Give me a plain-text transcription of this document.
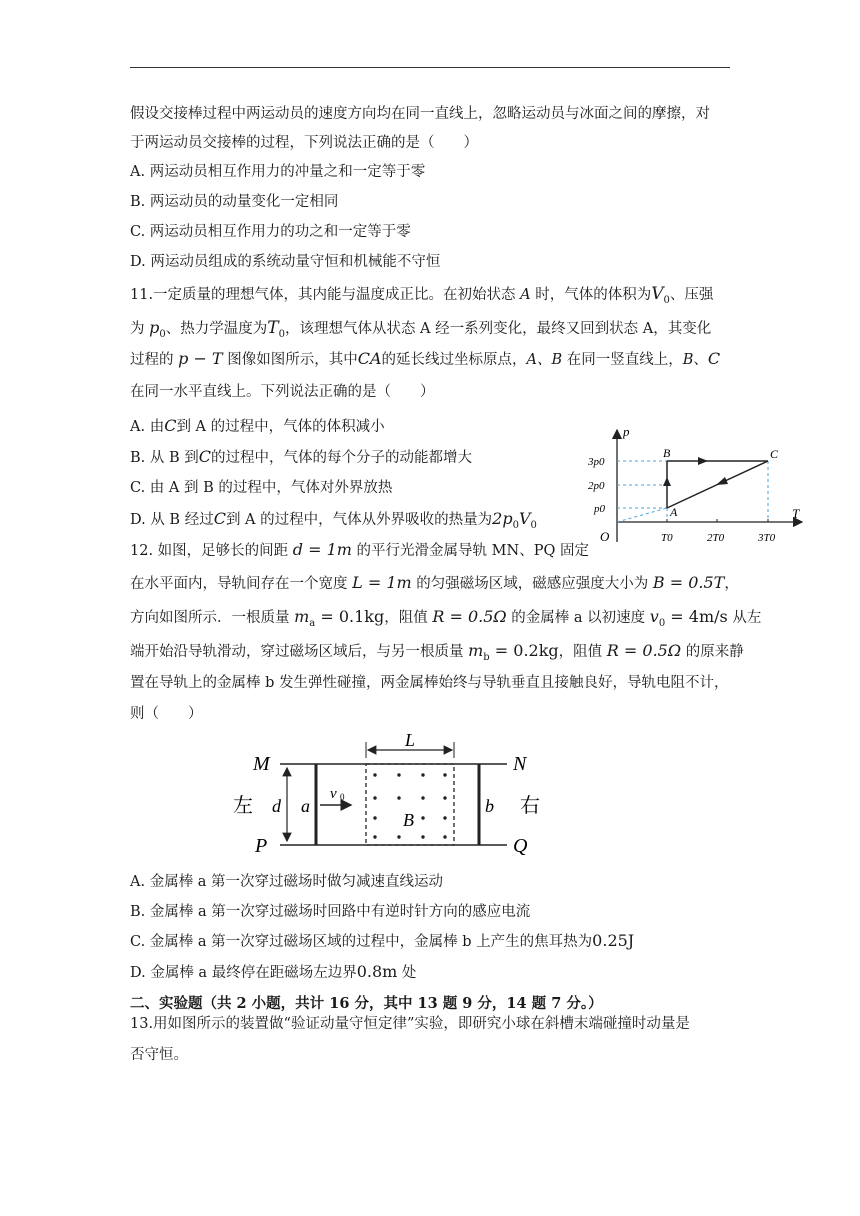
假设交接棒过程中两运动员的速度方向均在同一直线上，忽略运动员与冰面之间的摩擦，对
于两运动员交接棒的过程，下列说法正确的是（　　）
A. 两运动员相互作用力的冲量之和一定等于零
B. 两运动员的动量变化一定相同
C. 两运动员相互作用力的功之和一定等于零
D. 两运动员组成的系统动量守恒和机械能不守恒
11.一定质量的理想气体，其内能与温度成正比。在初始状态 A 时，气体的体积为$V_0$、压强
为 $p_0$、热力学温度为$T_0$，该理想气体从状态 A 经一系列变化，最终又回到状态 A，其变化
过程的 p − T 图像如图所示，其中CA的延长线过坐标原点，A、B 在同一竖直线上，B、C
在同一水平直线上。下列说法正确的是（　　）
A. 由C到 A 的过程中，气体的体积减小
B. 从 B 到C的过程中，气体的每个分子的动能都增大
C. 由 A 到 B 的过程中，气体对外界放热
D. 从 B 经过C到 A 的过程中，气体从外界吸收的热量为$2p_0V_0$
p
T
O
B	C
A
3p0
2p0
p0
T0	2T0	3T0
12. 如图，足够长的间距 d = 1m 的平行光滑金属导轨 MN、PQ 固定
在水平面内，导轨间存在一个宽度 L = 1m 的匀强磁场区域，磁感应强度大小为 B = 0.5T，
方向如图所示．一根质量 $m_a = 0.1kg$，阻值 R = 0.5Ω 的金属棒 a 以初速度 $v_0 = 4m/s$ 从左
端开始沿导轨滑动，穿过磁场区域后，与另一根质量 $m_b = 0.2kg$，阻值 R = 0.5Ω 的原来静
置在导轨上的金属棒 b 发生弹性碰撞，两金属棒始终与导轨垂直且接触良好，导轨电阻不计，
则（　　）
M	N
P	Q
左	右
d a
v 0
L
B
b
A. 金属棒 a 第一次穿过磁场时做匀减速直线运动
B. 金属棒 a 第一次穿过磁场时回路中有逆时针方向的感应电流
C. 金属棒 a 第一次穿过磁场区域的过程中，金属棒 b 上产生的焦耳热为0.25J
D. 金属棒 a 最终停在距磁场左边界0.8m 处
二、实验题（共 2 小题，共计 16 分，其中 13 题 9 分，14 题 7 分。）
13.用如图所示的装置做“验证动量守恒定律”实验，即研究小球在斜槽末端碰撞时动量是
否守恒。
